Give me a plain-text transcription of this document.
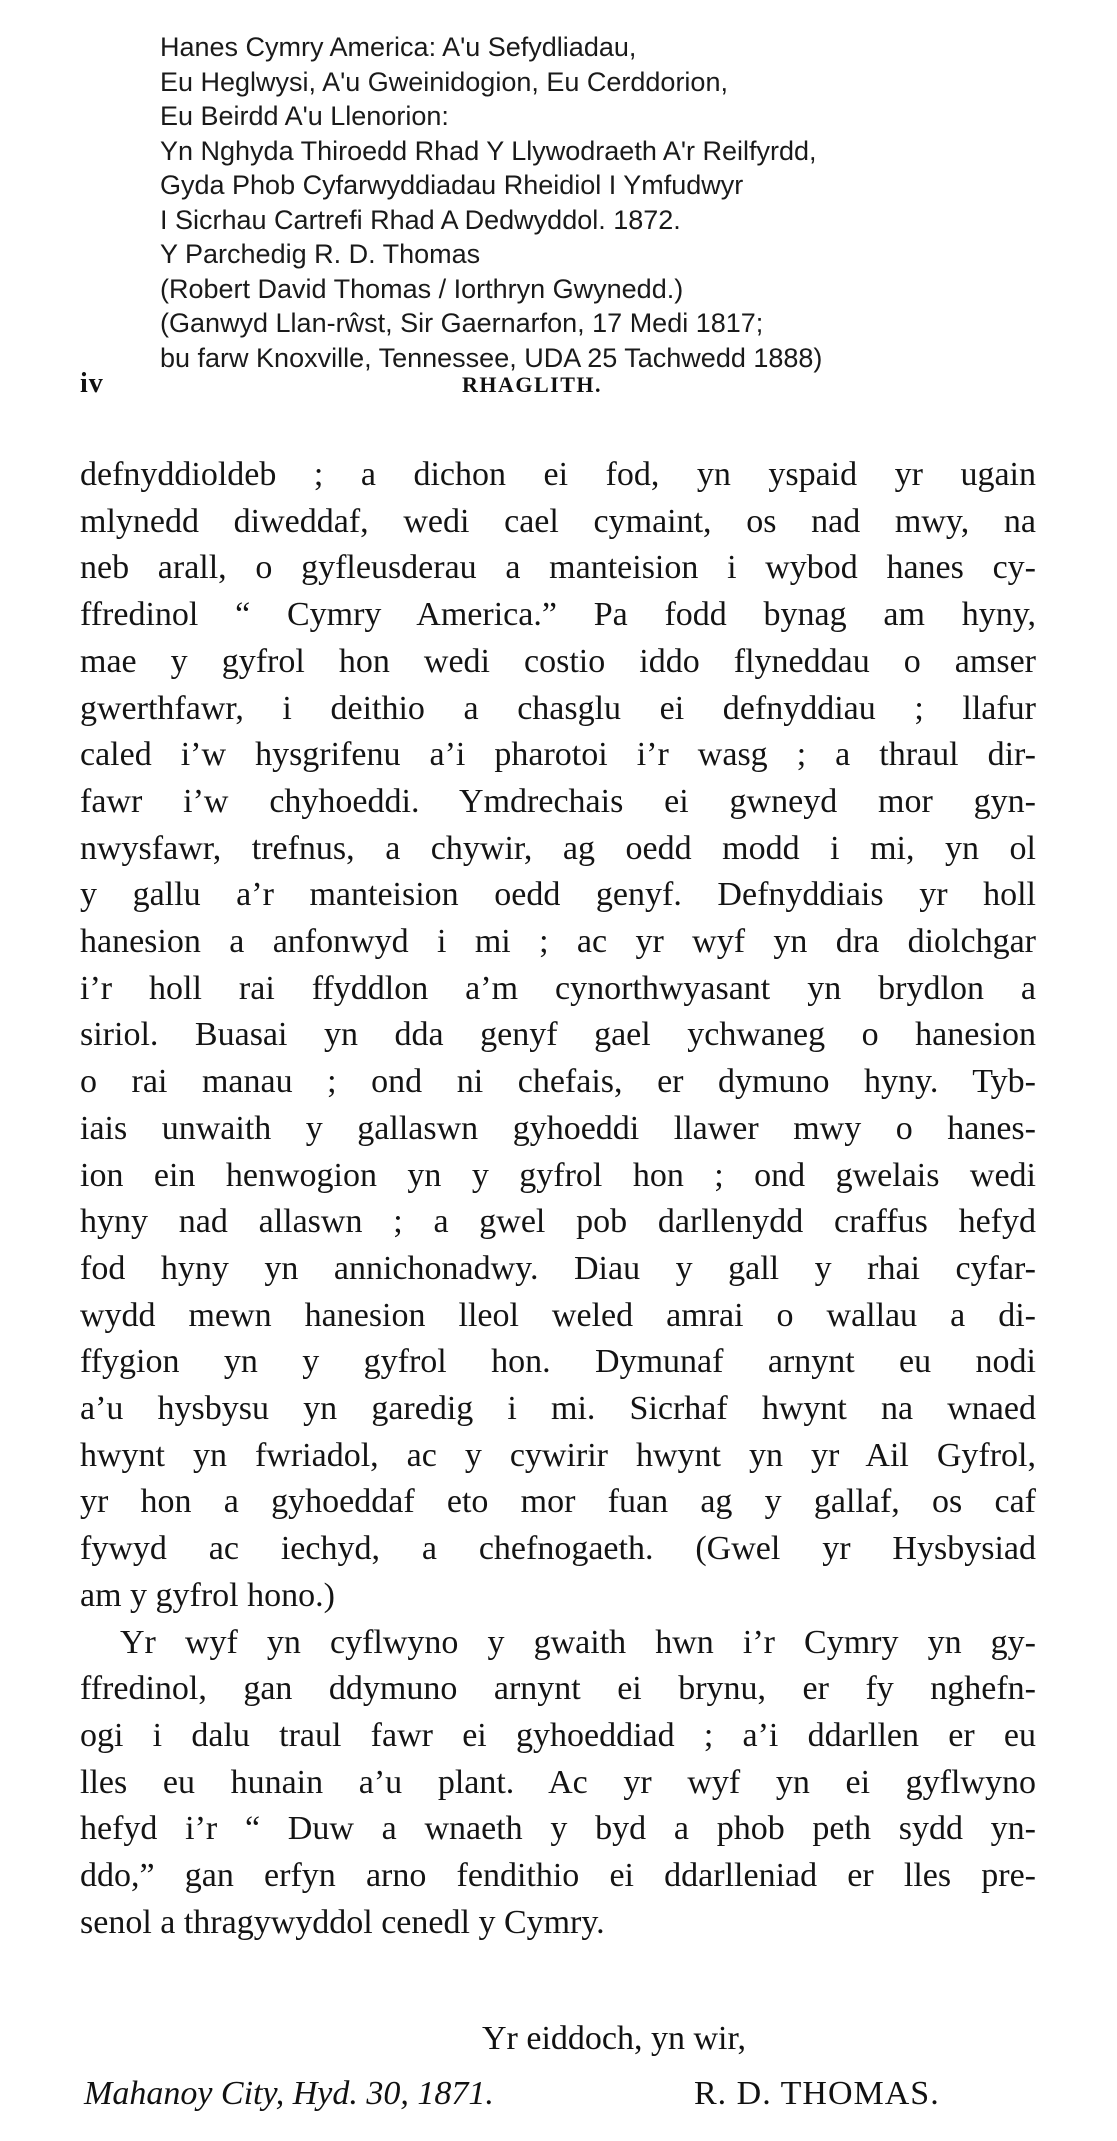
Hanes Cymry America: A'u Sefydliadau,
Eu Heglwysi, A'u Gweinidogion, Eu Cerddorion,
Eu Beirdd A'u Llenorion:
Yn Nghyda Thiroedd Rhad Y Llywodraeth A'r Reilfyrdd,
Gyda Phob Cyfarwyddiadau Rheidiol I Ymfudwyr
I Sicrhau Cartrefi Rhad A Dedwyddol. 1872.
Y Parchedig R. D. Thomas
(Robert David Thomas / Iorthryn Gwynedd.)
(Ganwyd Llan-rŵst, Sir Gaernarfon, 17 Medi 1817;
bu farw Knoxville, Tennessee, UDA 25 Tachwedd 1888)
iv	RHAGLITH.
defnyddioldeb ; a dichon ei fod, yn yspaid yr ugain
mlynedd diweddaf, wedi cael cymaint, os nad mwy, na
neb arall, o gyfleusderau a manteision i wybod hanes cy-
ffredinol “ Cymry America.” Pa fodd bynag am hyny,
mae y gyfrol hon wedi costio iddo flyneddau o amser
gwerthfawr, i deithio a chasglu ei defnyddiau ; llafur
caled i’w hysgrifenu a’i pharotoi i’r wasg ; a thraul dir-
fawr i’w chyhoeddi. Ymdrechais ei gwneyd mor gyn-
nwysfawr, trefnus, a chywir, ag oedd modd i mi, yn ol
y gallu a’r manteision oedd genyf. Defnyddiais yr holl
hanesion a anfonwyd i mi ; ac yr wyf yn dra diolchgar
i’r holl rai ffyddlon a’m cynorthwyasant yn brydlon a
siriol. Buasai yn dda genyf gael ychwaneg o hanesion
o rai manau ; ond ni chefais, er dymuno hyny. Tyb-
iais unwaith y gallaswn gyhoeddi llawer mwy o hanes-
ion ein henwogion yn y gyfrol hon ; ond gwelais wedi
hyny nad allaswn ; a gwel pob darllenydd craffus hefyd
fod hyny yn annichonadwy. Diau y gall y rhai cyfar-
wydd mewn hanesion lleol weled amrai o wallau a di-
ffygion yn y gyfrol hon. Dymunaf arnynt eu nodi
a’u hysbysu yn garedig i mi. Sicrhaf hwynt na wnaed
hwynt yn fwriadol, ac y cywirir hwynt yn yr Ail Gyfrol,
yr hon a gyhoeddaf eto mor fuan ag y gallaf, os caf
fywyd ac iechyd, a chefnogaeth. (Gwel yr Hysbysiad
am y gyfrol hono.)
Yr wyf yn cyflwyno y gwaith hwn i’r Cymry yn gy-
ffredinol, gan ddymuno arnynt ei brynu, er fy nghefn-
ogi i dalu traul fawr ei gyhoeddiad ; a’i ddarllen er eu
lles eu hunain a’u plant. Ac yr wyf yn ei gyflwyno
hefyd i’r “ Duw a wnaeth y byd a phob peth sydd yn-
ddo,” gan erfyn arno fendithio ei ddarlleniad er lles pre-
senol a thragywyddol cenedl y Cymry.
Yr eiddoch, yn wir,
Mahanoy City, Hyd. 30, 1871.	R. D. THOMAS.
